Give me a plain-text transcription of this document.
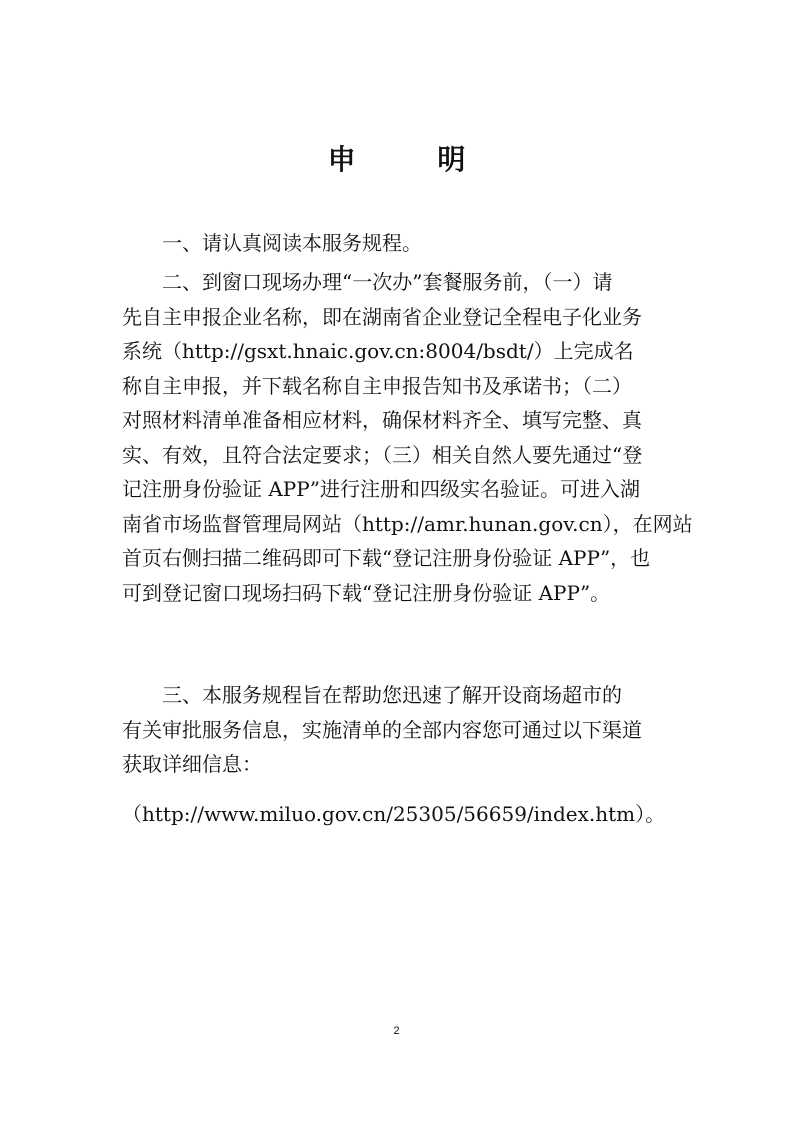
申 明

一、请认真阅读本服务规程。

二、到窗口现场办理“一次办”套餐服务前，（一）请
先自主申报企业名称，即在湖南省企业登记全程电子化业务
系统（http://gsxt.hnaic.gov.cn:8004/bsdt/）上完成名
称自主申报，并下载名称自主申报告知书及承诺书；（二）
对照材料清单准备相应材料，确保材料齐全、填写完整、真
实、有效，且符合法定要求；（三）相关自然人要先通过“登
记注册身份验证 APP”进行注册和四级实名验证。可进入湖
南省市场监督管理局网站（http://amr.hunan.gov.cn），在网站
首页右侧扫描二维码即可下载“登记注册身份验证 APP”，也
可到登记窗口现场扫码下载“登记注册身份验证 APP”。

三、本服务规程旨在帮助您迅速了解开设商场超市的
有关审批服务信息，实施清单的全部内容您可通过以下渠道
获取详细信息：

（http://www.miluo.gov.cn/25305/56659/index.htm）。
2
